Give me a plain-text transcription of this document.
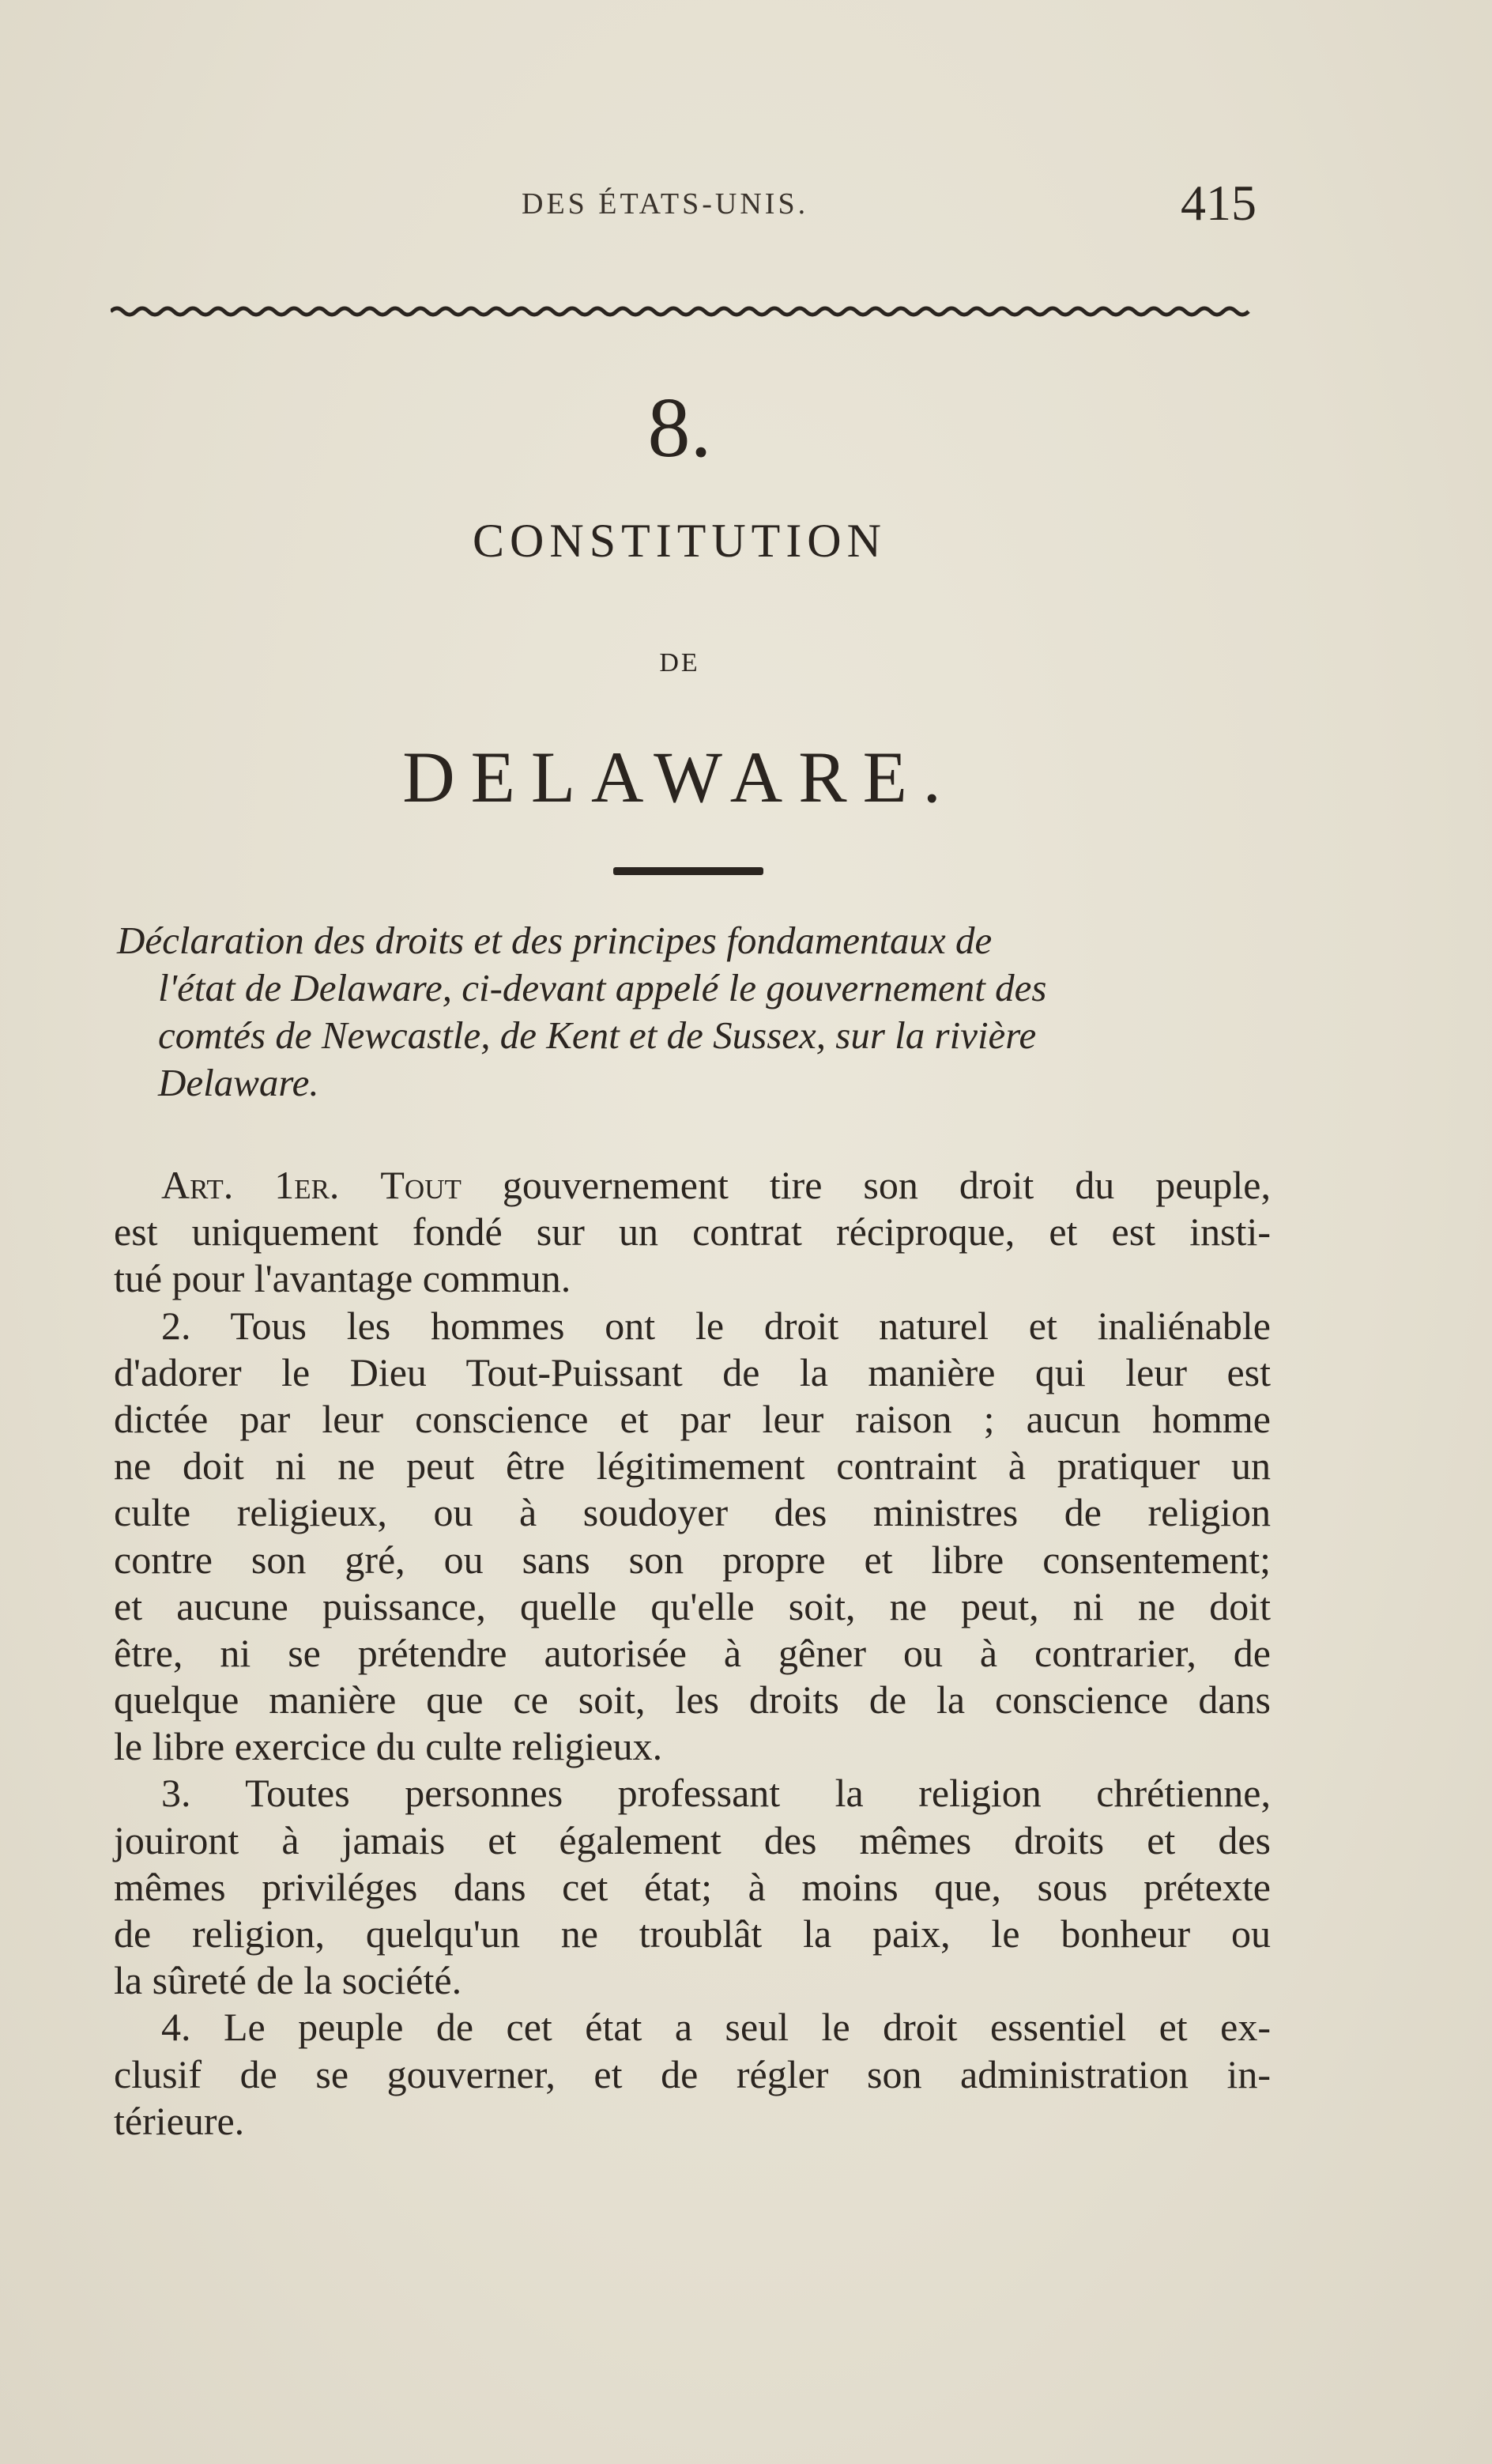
DES ÉTATS-UNIS.	415
8.
CONSTITUTION
DE
DELAWARE.
Déclaration des droits et des principes fondamentaux de
l'état de Delaware, ci-devant appelé le gouvernement des
comtés de Newcastle, de Kent et de Sussex, sur la rivière
Delaware.
Art. 1er. Tout gouvernement tire son droit du peuple,
est uniquement fondé sur un contrat réciproque, et est insti-
tué pour l'avantage commun.
2. Tous les hommes ont le droit naturel et inaliénable
d'adorer le Dieu Tout-Puissant de la manière qui leur est
dictée par leur conscience et par leur raison ; aucun homme
ne doit ni ne peut être légitimement contraint à pratiquer un
culte religieux, ou à soudoyer des ministres de religion
contre son gré, ou sans son propre et libre consentement;
et aucune puissance, quelle qu'elle soit, ne peut, ni ne doit
être, ni se prétendre autorisée à gêner ou à contrarier, de
quelque manière que ce soit, les droits de la conscience dans
le libre exercice du culte religieux.
3. Toutes personnes professant la religion chrétienne,
jouiront à jamais et également des mêmes droits et des
mêmes priviléges dans cet état; à moins que, sous prétexte
de religion, quelqu'un ne troublât la paix, le bonheur ou
la sûreté de la société.
4. Le peuple de cet état a seul le droit essentiel et ex-
clusif de se gouverner, et de régler son administration in-
térieure.
